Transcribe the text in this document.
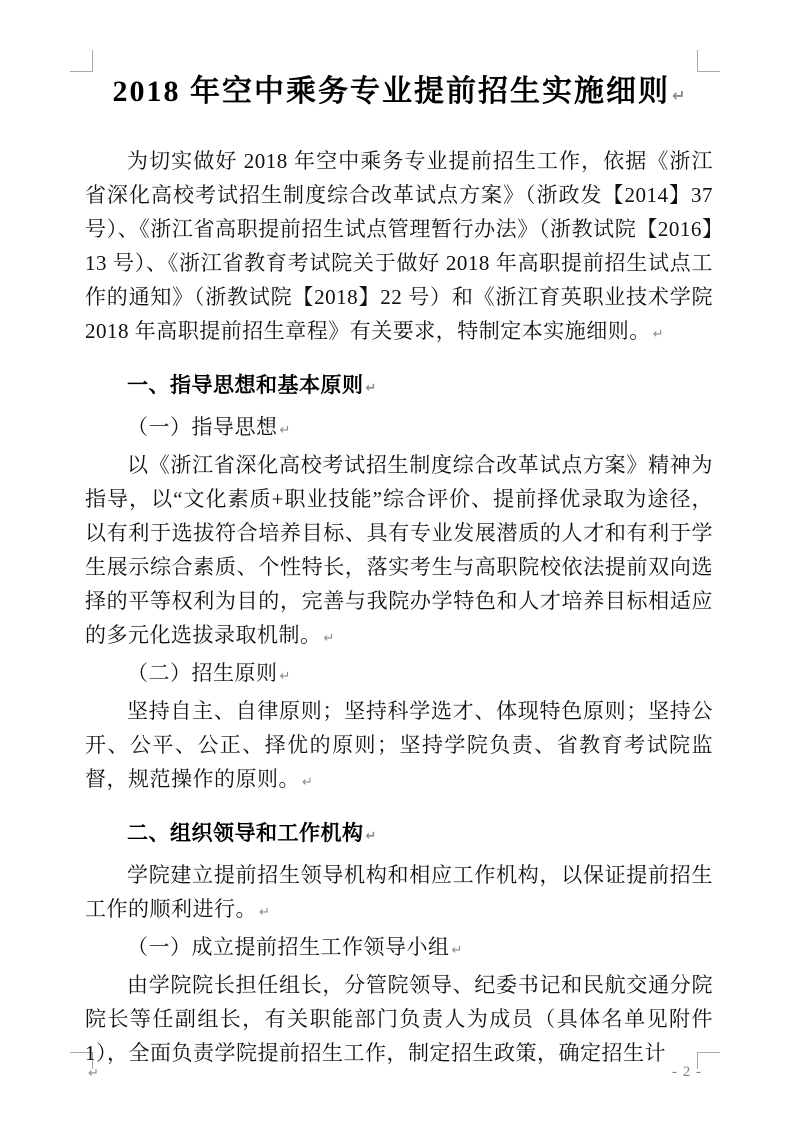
2018 年空中乘务专业提前招生实施细则 ↵

为切实做好 2018 年空中乘务专业提前招生工作，依据《浙江省深化高校考试招生制度综合改革试点方案》（浙政发【2014】37 号）、《浙江省高职提前招生试点管理暂行办法》（浙教试院【2016】13 号）、《浙江省教育考试院关于做好 2018 年高职提前招生试点工作的通知》（浙教试院【2018】22 号）和《浙江育英职业技术学院 2018 年高职提前招生章程》有关要求，特制定本实施细则。 ↵

一、指导思想和基本原则 ↵

（一）指导思想 ↵

以《浙江省深化高校考试招生制度综合改革试点方案》精神为指导，以“文化素质+职业技能”综合评价、提前择优录取为途径，以有利于选拔符合培养目标、具有专业发展潜质的人才和有利于学生展示综合素质、个性特长，落实考生与高职院校依法提前双向选择的平等权利为目的，完善与我院办学特色和人才培养目标相适应的多元化选拔录取机制。 ↵

（二）招生原则 ↵

坚持自主、自律原则；坚持科学选才、体现特色原则；坚持公开、公平、公正、择优的原则；坚持学院负责、省教育考试院监督，规范操作的原则。 ↵

二、组织领导和工作机构 ↵

学院建立提前招生领导机构和相应工作机构，以保证提前招生工作的顺利进行。 ↵

（一）成立提前招生工作领导小组 ↵

由学院院长担任组长，分管院领导、纪委书记和民航交通分院院长等任副组长，有关职能部门负责人为成员（具体名单见附件 1），全面负责学院提前招生工作，制定招生政策，确定招生计

↵	- 2 -
